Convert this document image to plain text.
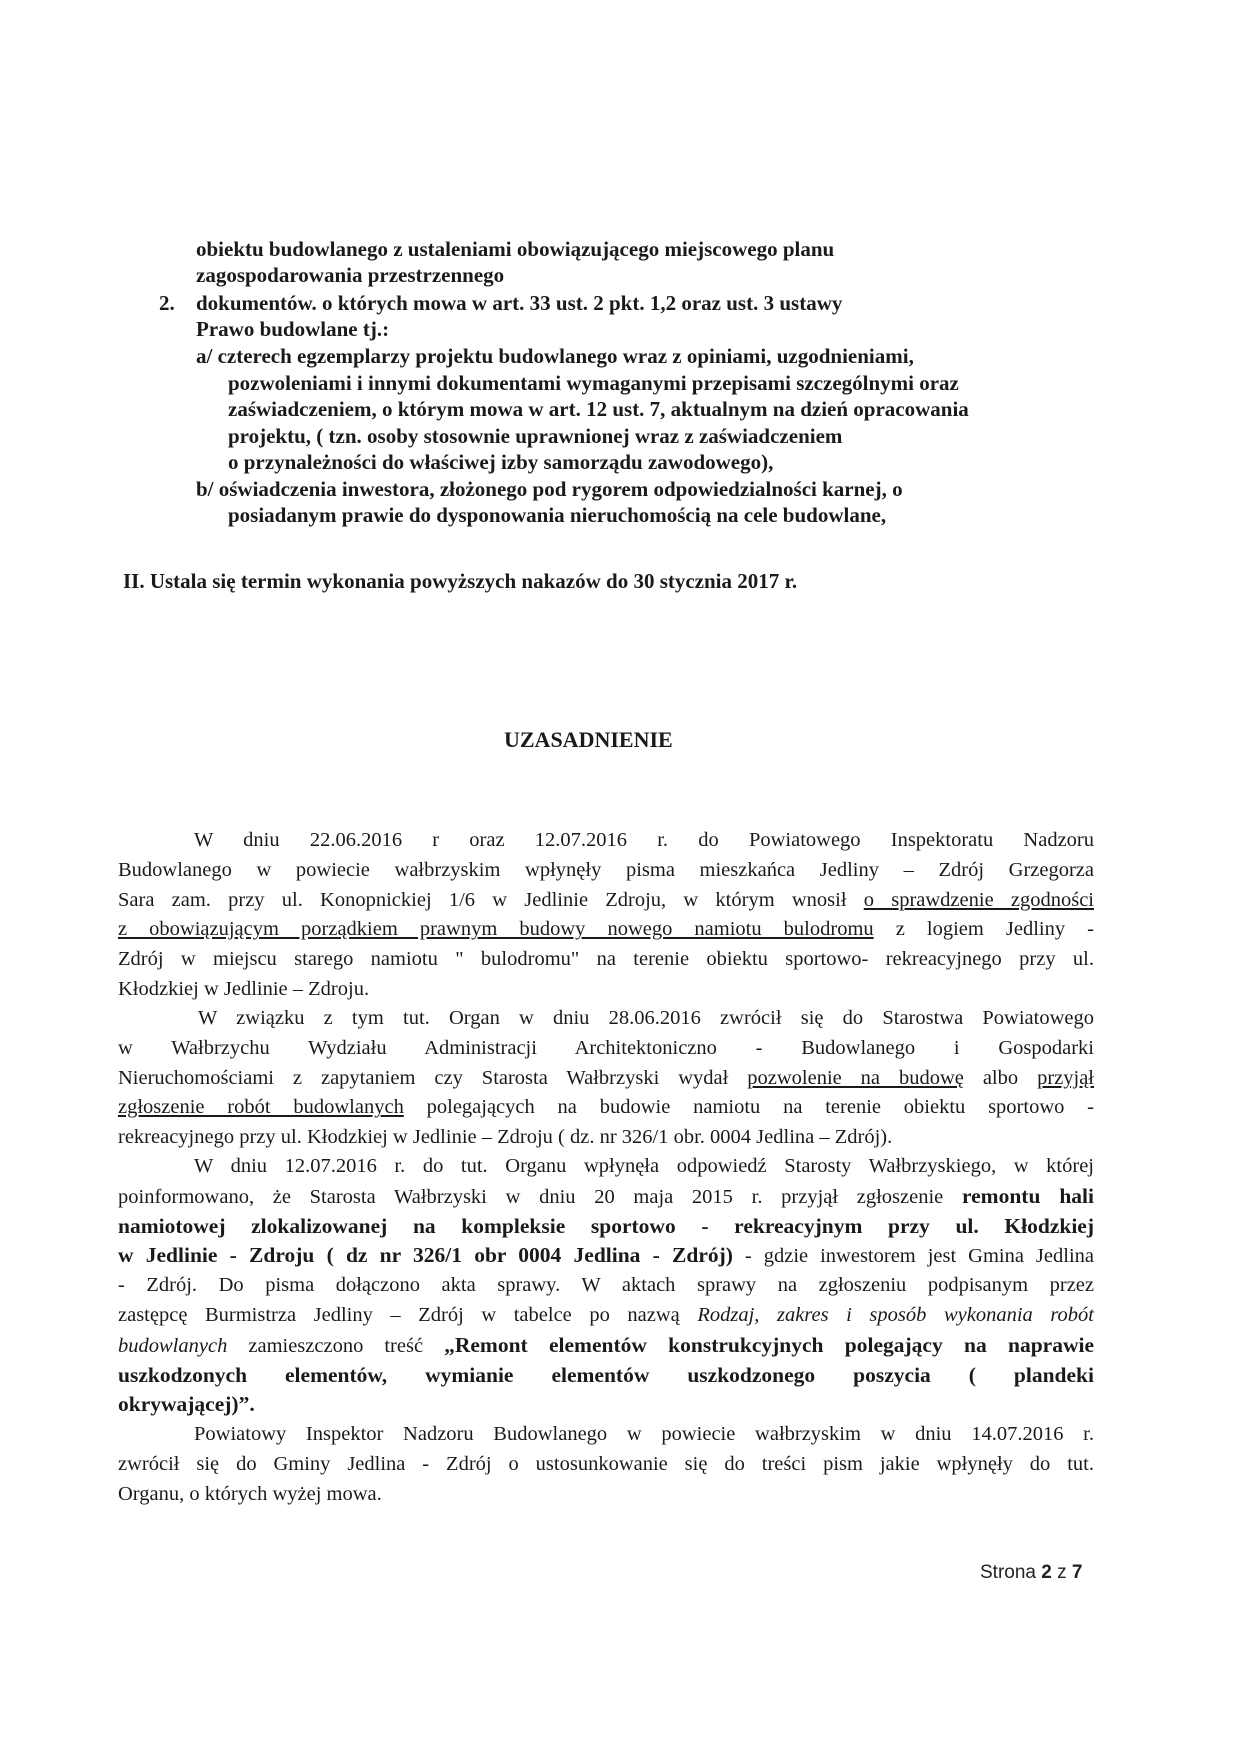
obiektu budowlanego z ustaleniami obowiązującego miejscowego planu
zagospodarowania przestrzennego
2. dokumentów. o których mowa w art. 33 ust. 2 pkt. 1,2 oraz ust. 3 ustawy
Prawo budowlane tj.:
a/ czterech egzemplarzy projektu budowlanego wraz z opiniami, uzgodnieniami,
pozwoleniami i innymi dokumentami wymaganymi przepisami szczególnymi oraz
zaświadczeniem, o którym mowa w art. 12 ust. 7, aktualnym na dzień opracowania
projektu, ( tzn. osoby stosownie uprawnionej wraz z zaświadczeniem
o przynależności do właściwej izby samorządu zawodowego),
b/ oświadczenia inwestora, złożonego pod rygorem odpowiedzialności karnej, o
posiadanym prawie do dysponowania nieruchomością na cele budowlane,
II. Ustala się termin wykonania powyższych nakazów do 30 stycznia 2017 r.
UZASADNIENIE
W dniu 22.06.2016 r oraz 12.07.2016 r. do Powiatowego Inspektoratu Nadzoru
Budowlanego w powiecie wałbrzyskim wpłynęły pisma mieszkańca Jedliny – Zdrój Grzegorza
Sara zam. przy ul. Konopnickiej 1/6 w Jedlinie Zdroju, w którym wnosił o sprawdzenie zgodności
z obowiązującym porządkiem prawnym budowy nowego namiotu bulodromu z logiem Jedliny -
Zdrój w miejscu starego namiotu " bulodromu" na terenie obiektu sportowo- rekreacyjnego przy ul.
Kłodzkiej w Jedlinie – Zdroju.
W związku z tym tut. Organ w dniu 28.06.2016 zwrócił się do Starostwa Powiatowego
w Wałbrzychu Wydziału Administracji Architektoniczno - Budowlanego i Gospodarki
Nieruchomościami z zapytaniem czy Starosta Wałbrzyski wydał pozwolenie na budowę albo przyjął
zgłoszenie robót budowlanych polegających na budowie namiotu na terenie obiektu sportowo -
rekreacyjnego przy ul. Kłodzkiej w Jedlinie – Zdroju ( dz. nr 326/1 obr. 0004 Jedlina – Zdrój).
W dniu 12.07.2016 r. do tut. Organu wpłynęła odpowiedź Starosty Wałbrzyskiego, w której
poinformowano, że Starosta Wałbrzyski w dniu 20 maja 2015 r. przyjął zgłoszenie remontu hali
namiotowej zlokalizowanej na kompleksie sportowo - rekreacyjnym przy ul. Kłodzkiej
w Jedlinie - Zdroju ( dz nr 326/1 obr 0004 Jedlina - Zdrój) - gdzie inwestorem jest Gmina Jedlina
- Zdrój. Do pisma dołączono akta sprawy. W aktach sprawy na zgłoszeniu podpisanym przez
zastępcę Burmistrza Jedliny – Zdrój w tabelce po nazwą Rodzaj, zakres i sposób wykonania robót
budowlanych zamieszczono treść „Remont elementów konstrukcyjnych polegający na naprawie
uszkodzonych elementów, wymianie elementów uszkodzonego poszycia ( plandeki
okrywającej)”.
Powiatowy Inspektor Nadzoru Budowlanego w powiecie wałbrzyskim w dniu 14.07.2016 r.
zwrócił się do Gminy Jedlina - Zdrój o ustosunkowanie się do treści pism jakie wpłynęły do tut.
Organu, o których wyżej mowa.
Strona 2 z 7
